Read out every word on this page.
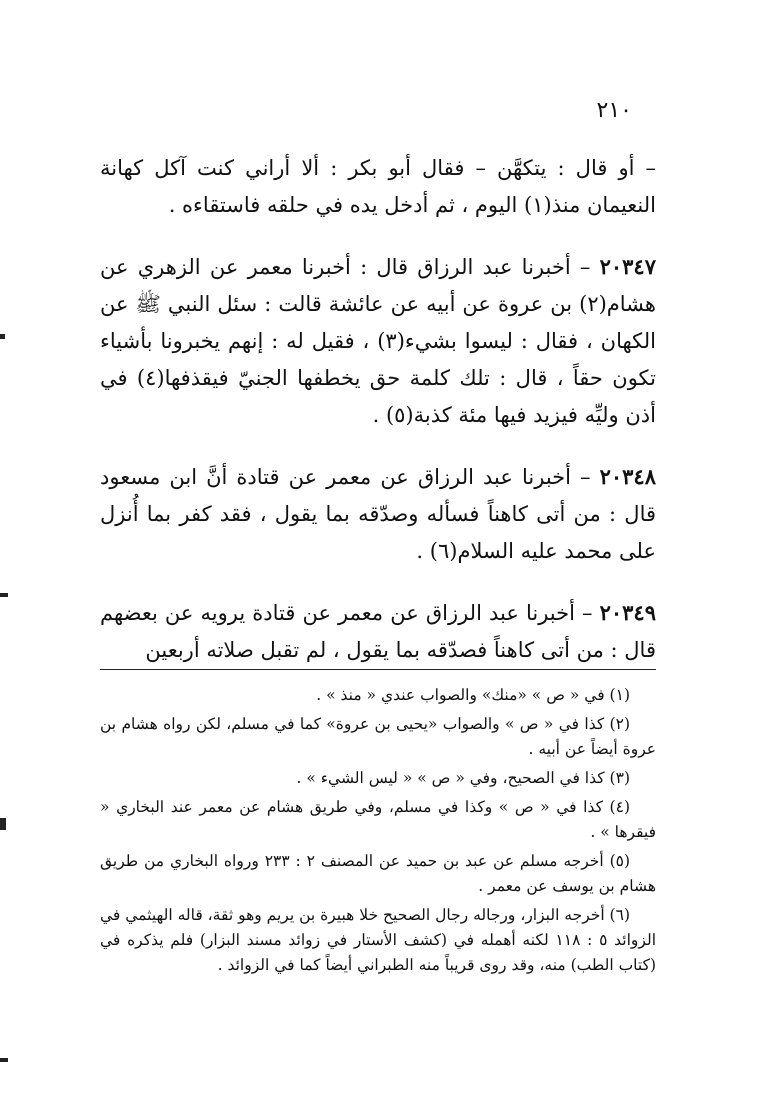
٢١٠

– أو قال : يتكهَّن – فقال أبو بكر : ألا أراني كنت آكل كهانة النعيمان منذ(١) اليوم ، ثم أدخل يده في حلقه فاستقاءه .

٢٠٣٤٧ – أخبرنا عبد الرزاق قال : أخبرنا معمر عن الزهري عن هشام(٢) بن عروة عن أبيه عن عائشة قالت : سئل النبي ﷺ عن الكهان ، فقال : ليسوا بشيء(٣) ، فقيل له : إنهم يخبرونا بأشياء تكون حقاً ، قال : تلك كلمة حق يخطفها الجنيّ فيقذفها(٤) في أذن وليِّه فيزيد فيها مئة كذبة(٥) .

٢٠٣٤٨ – أخبرنا عبد الرزاق عن معمر عن قتادة أنَّ ابن مسعود قال : من أتى كاهناً فسأله وصدّقه بما يقول ، فقد كفر بما أُنزل على محمد عليه السلام(٦) .

٢٠٣٤٩ – أخبرنا عبد الرزاق عن معمر عن قتادة يرويه عن بعضهم قال : من أتى كاهناً فصدّقه بما يقول ، لم تقبل صلاته أربعين

(١) في « ص » «منك» والصواب عندي « منذ » .

(٢) كذا في « ص » والصواب «يحيى بن عروة» كما في مسلم، لكن رواه هشام بن عروة أيضاً عن أبيه .

(٣) كذا في الصحيح، وفي « ص » « ليس الشيء » .

(٤) كذا في « ص » وكذا في مسلم، وفي طريق هشام عن معمر عند البخاري « فيقرها » .

(٥) أخرجه مسلم عن عبد بن حميد عن المصنف ٢ : ٢٣٣ ورواه البخاري من طريق هشام بن يوسف عن معمر .

(٦) أخرجه البزار، ورجاله رجال الصحيح خلا هبيرة بن يريم وهو ثقة، قاله الهيثمي في الزوائد ٥ : ١١٨ لكنه أهمله في (كشف الأستار في زوائد مسند البزار) فلم يذكره في (كتاب الطب) منه، وقد روى قريباً منه الطبراني أيضاً كما في الزوائد .
